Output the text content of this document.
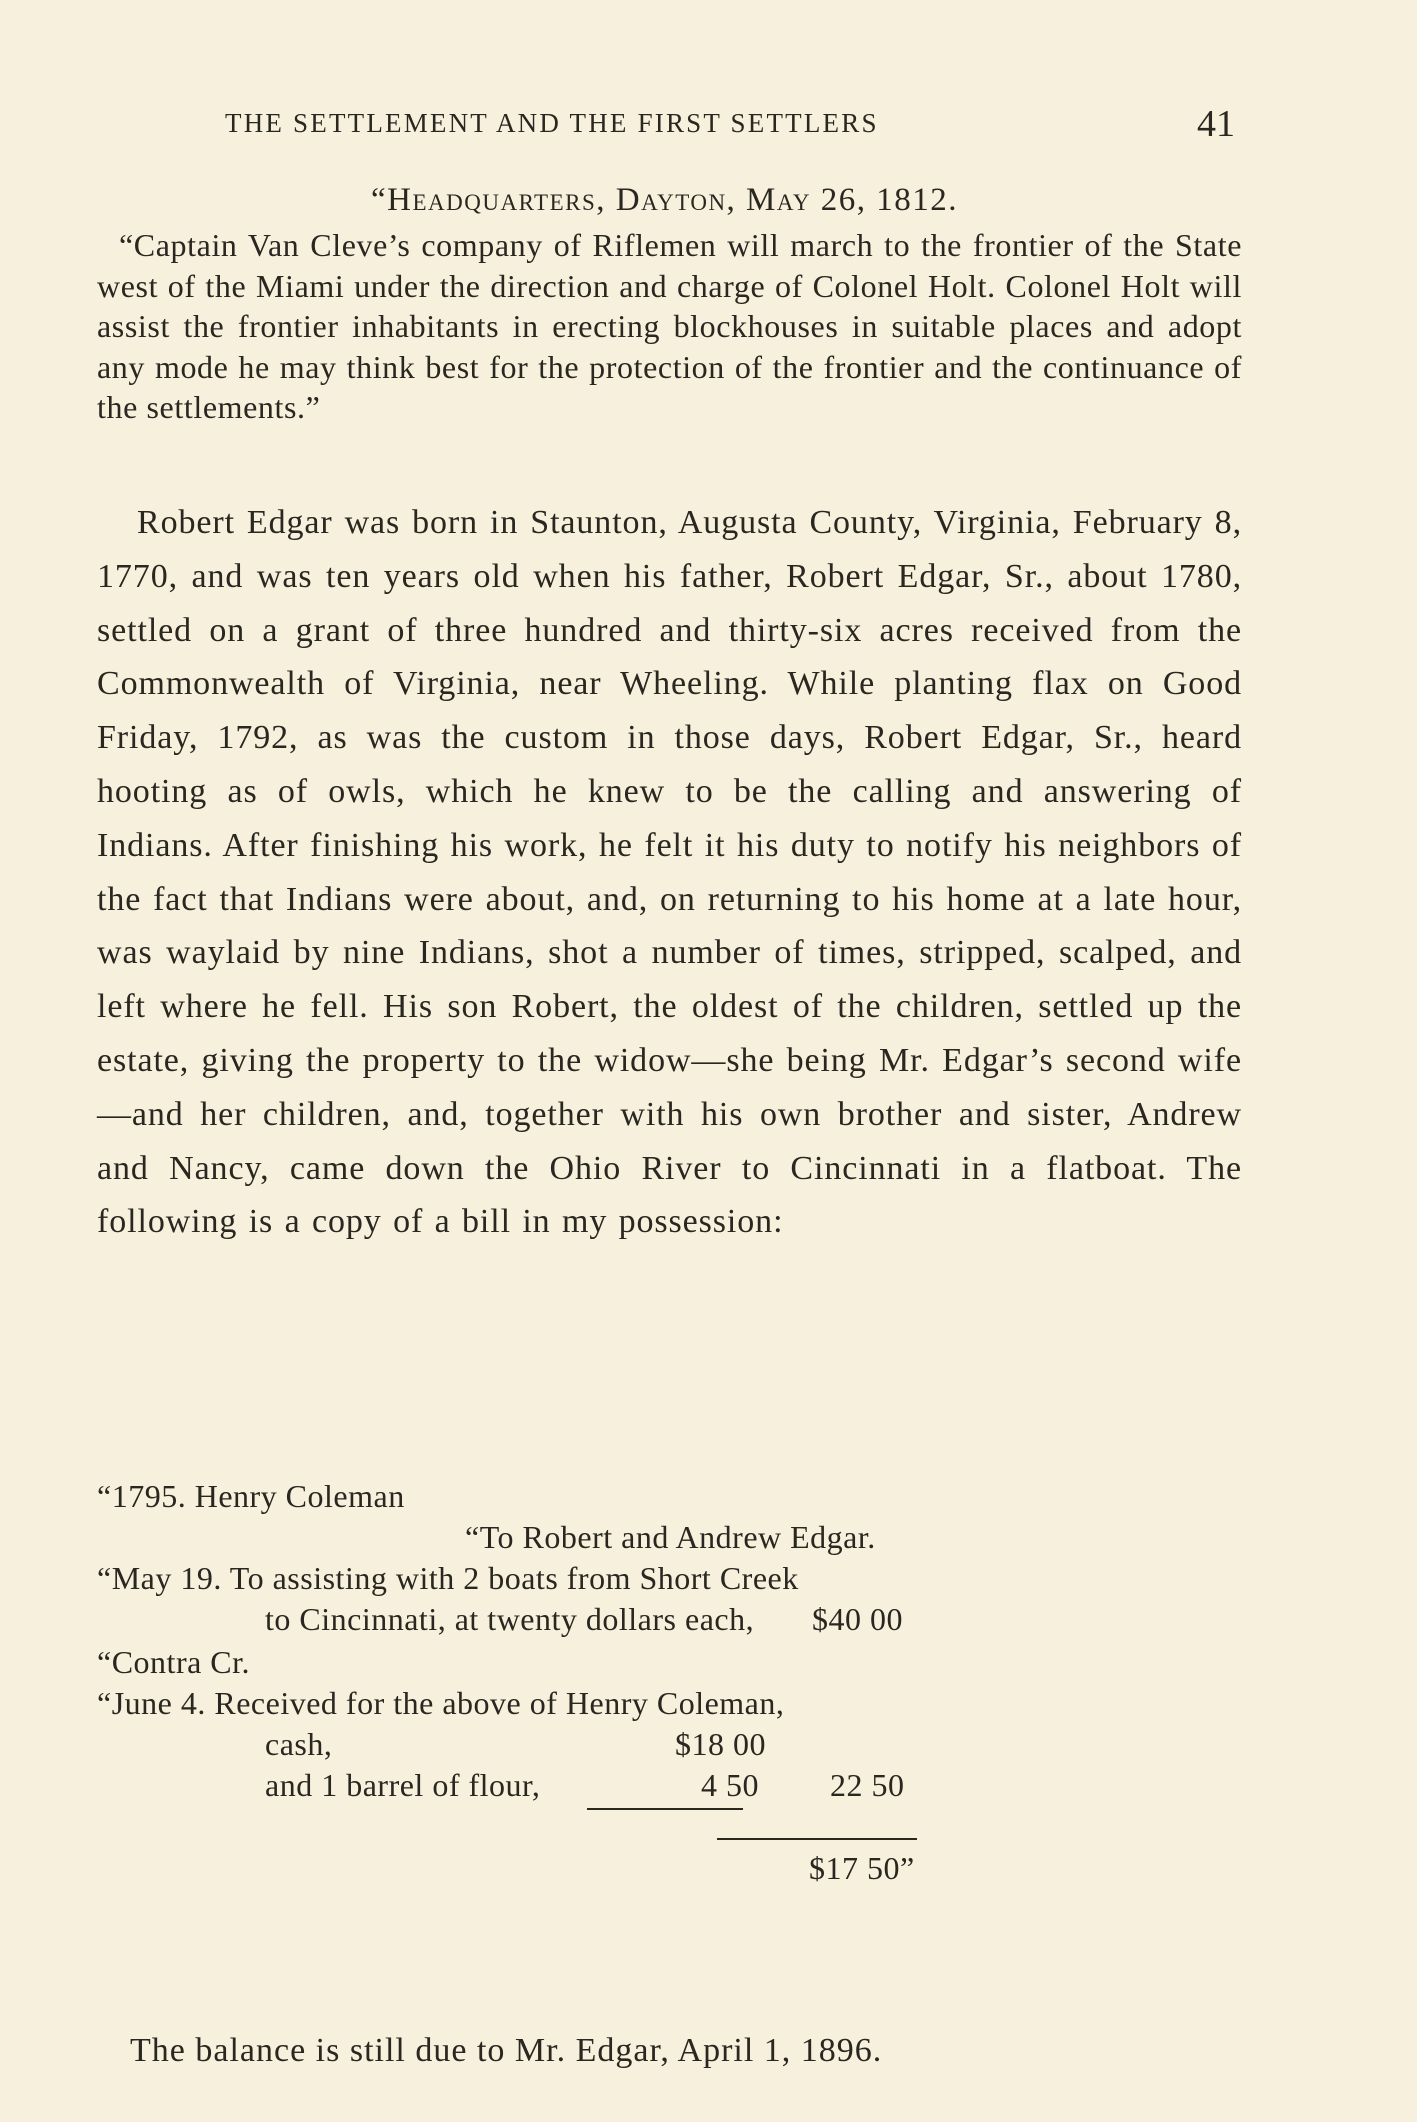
THE SETTLEMENT AND THE FIRST SETTLERS	41
“Headquarters, Dayton, May 26, 1812.
“Captain Van Cleve’s company of Riflemen will march to the frontier of the State west of the Miami under the direction and charge of Colonel Holt. Colonel Holt will assist the frontier inhabitants in erecting blockhouses in suitable places and adopt any mode he may think best for the protection of the frontier and the continuance of the settlements.”
Robert Edgar was born in Staunton, Augusta County, Virginia, February 8, 1770, and was ten years old when his father, Robert Edgar, Sr., about 1780, settled on a grant of three hundred and thirty-six acres received from the Commonwealth of Virginia, near Wheeling. While planting flax on Good Friday, 1792, as was the custom in those days, Robert Edgar, Sr., heard hooting as of owls, which he knew to be the calling and answering of Indians. After finishing his work, he felt it his duty to notify his neighbors of the fact that Indians were about, and, on returning to his home at a late hour, was waylaid by nine Indians, shot a number of times, stripped, scalped, and left where he fell. His son Robert, the oldest of the children, settled up the estate, giving the property to the widow—she being Mr. Edgar’s second wife—and her children, and, together with his own brother and sister, Andrew and Nancy, came down the Ohio River to Cincinnati in a flatboat. The following is a copy of a bill in my possession:
“1795. Henry Coleman
“To Robert and Andrew Edgar.
“May 19. To assisting with 2 boats from Short Creek
to Cincinnati, at twenty dollars each, $40 00
“Contra Cr.
“June 4. Received for the above of Henry Coleman,
cash,	$18 00
and 1 barrel of flour,	4 50 22 50
$17 50”
The balance is still due to Mr. Edgar, April 1, 1896.
